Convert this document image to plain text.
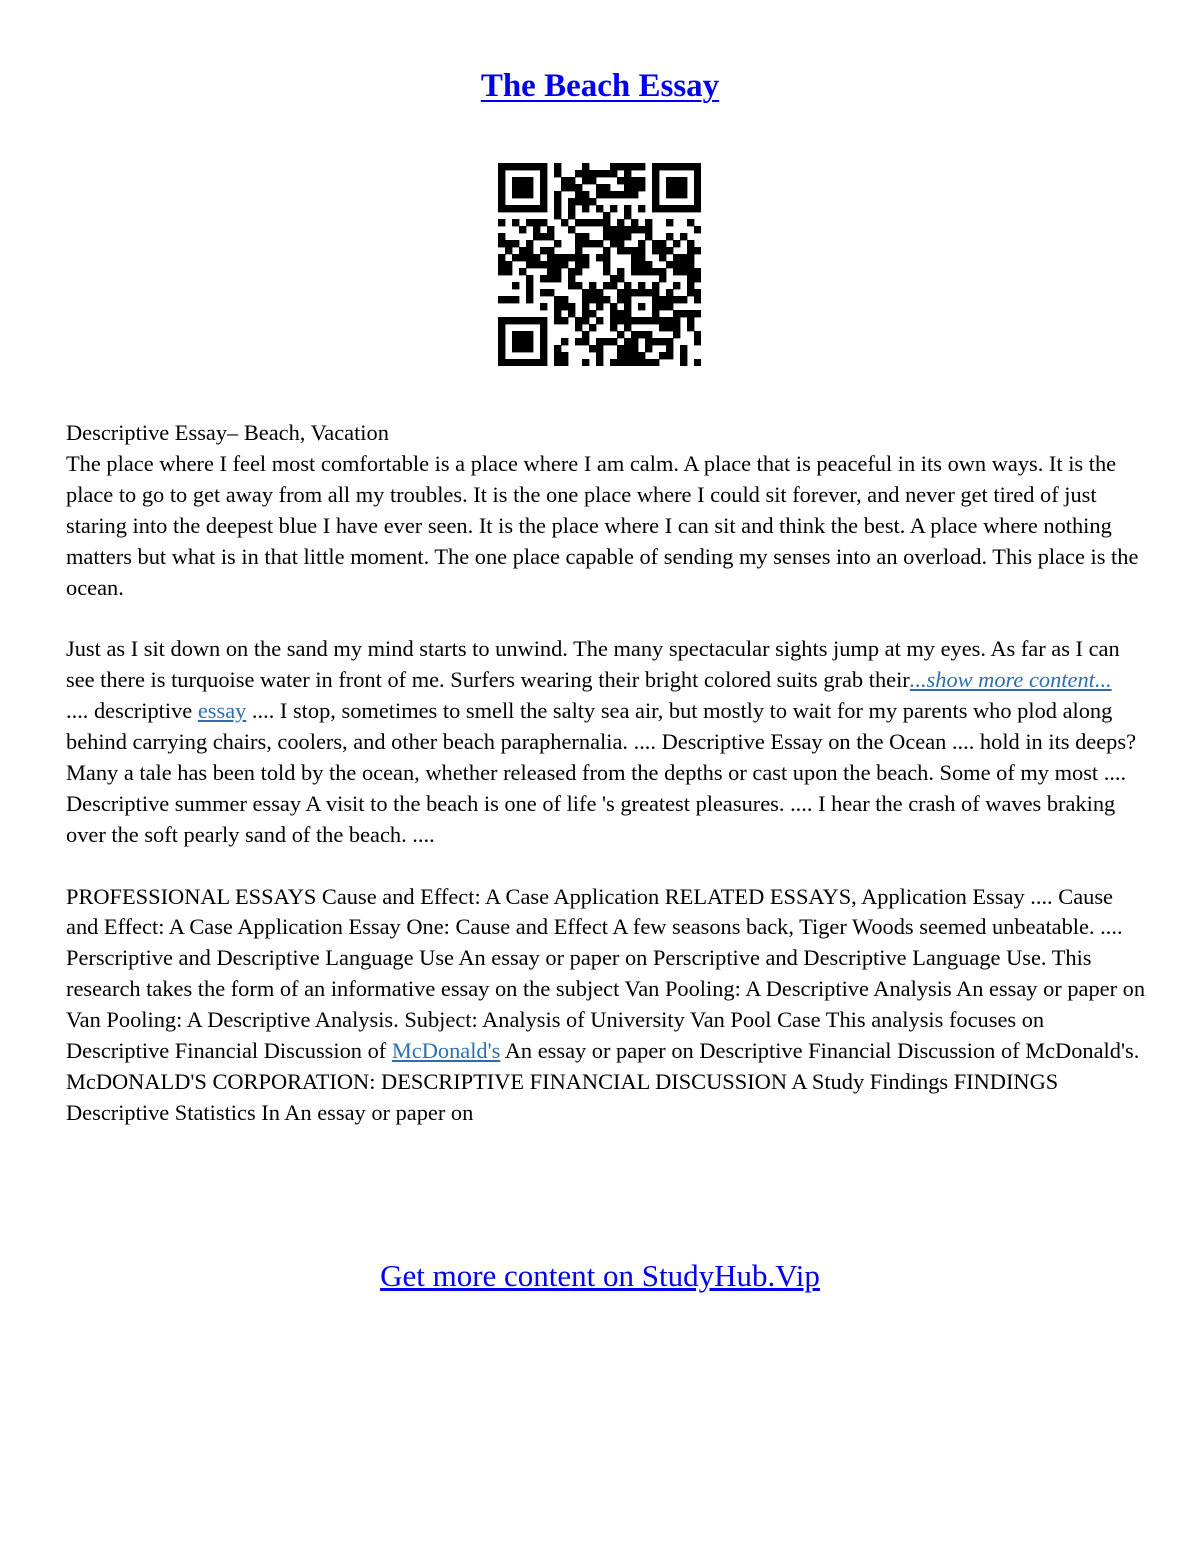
The Beach Essay

Descriptive Essay– Beach, Vacation

The place where I feel most comfortable is a place where I am calm. A place that is peaceful in its own ways. It is the place to go to get away from all my troubles. It is the one place where I could sit forever, and never get tired of just staring into the deepest blue I have ever seen. It is the place where I can sit and think the best. A place where nothing matters but what is in that little moment. The one place capable of sending my senses into an overload. This place is the ocean.

Just as I sit down on the sand my mind starts to unwind. The many spectacular sights jump at my eyes. As far as I can see there is turquoise water in front of me. Surfers wearing their bright colored suits grab their...show more content...

.... descriptive essay .... I stop, sometimes to smell the salty sea air, but mostly to wait for my parents who plod along behind carrying chairs, coolers, and other beach paraphernalia. .... Descriptive Essay on the Ocean .... hold in its deeps? Many a tale has been told by the ocean, whether released from the depths or cast upon the beach. Some of my most .... Descriptive summer essay A visit to the beach is one of life 's greatest pleasures. .... I hear the crash of waves braking over the soft pearly sand of the beach. ....

PROFESSIONAL ESSAYS Cause and Effect: A Case Application RELATED ESSAYS, Application Essay .... Cause and Effect: A Case Application Essay One: Cause and Effect A few seasons back, Tiger Woods seemed unbeatable. .... Perscriptive and Descriptive Language Use An essay or paper on Perscriptive and Descriptive Language Use. This research takes the form of an informative essay on the subject Van Pooling: A Descriptive Analysis An essay or paper on Van Pooling: A Descriptive Analysis. Subject: Analysis of University Van Pool Case This analysis focuses on Descriptive Financial Discussion of McDonald's An essay or paper on Descriptive Financial Discussion of McDonald's. McDONALD'S CORPORATION: DESCRIPTIVE FINANCIAL DISCUSSION A Study Findings FINDINGS Descriptive Statistics In An essay or paper on

Get more content on StudyHub.Vip
